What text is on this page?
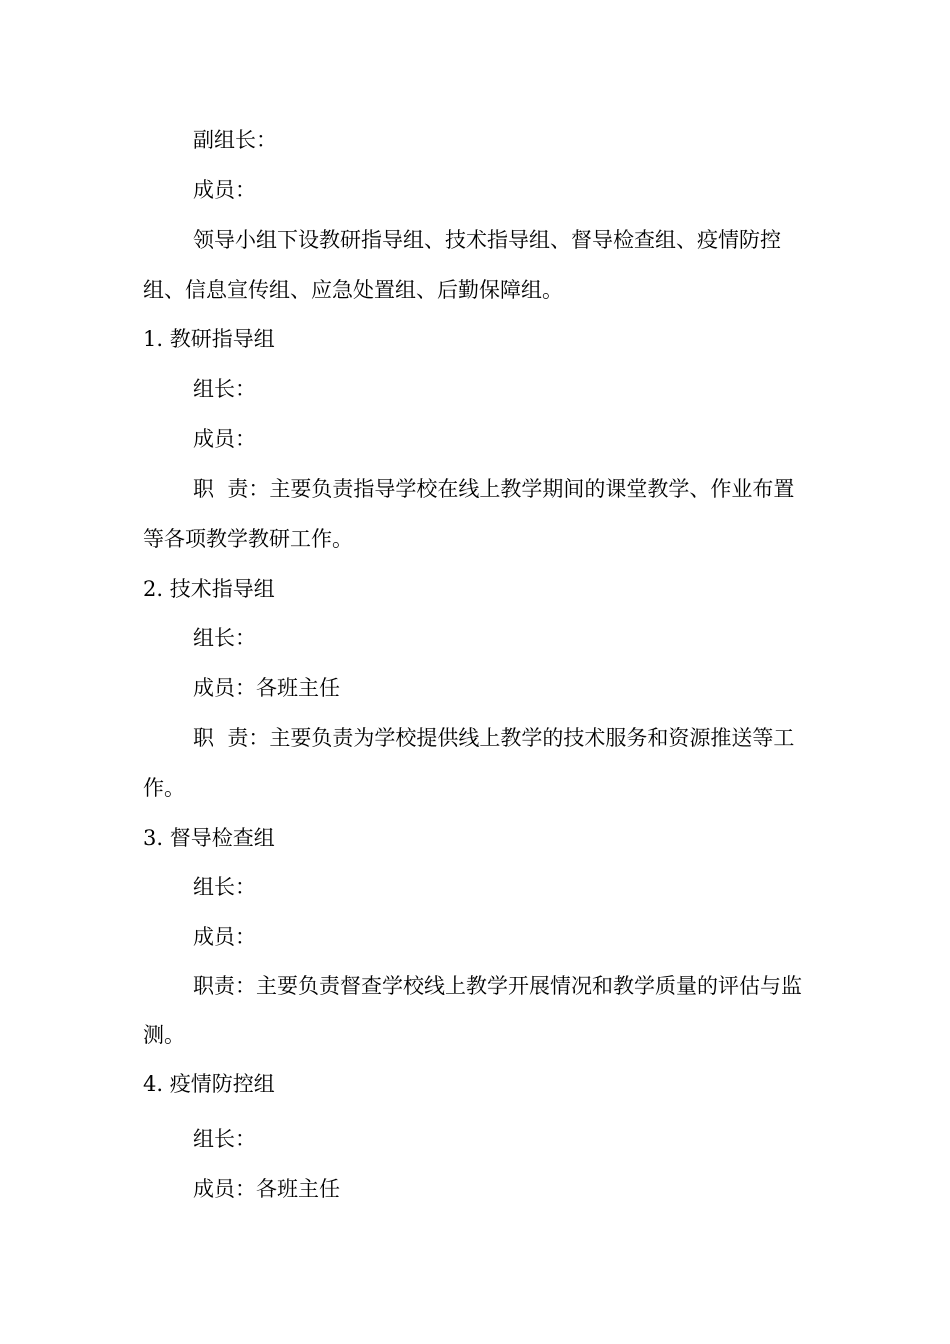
副组长：
成员：
领导小组下设教研指导组、技术指导组、督导检查组、疫情防控
组、信息宣传组、应急处置组、后勤保障组。
1. 教研指导组
组长：
成员：
职  责：主要负责指导学校在线上教学期间的课堂教学、作业布置
等各项教学教研工作。
2. 技术指导组
组长：
成员：各班主任
职  责：主要负责为学校提供线上教学的技术服务和资源推送等工
作。
3. 督导检查组
组长：
成员：
职责：主要负责督查学校线上教学开展情况和教学质量的评估与监
测。
4. 疫情防控组
组长：
成员：各班主任
